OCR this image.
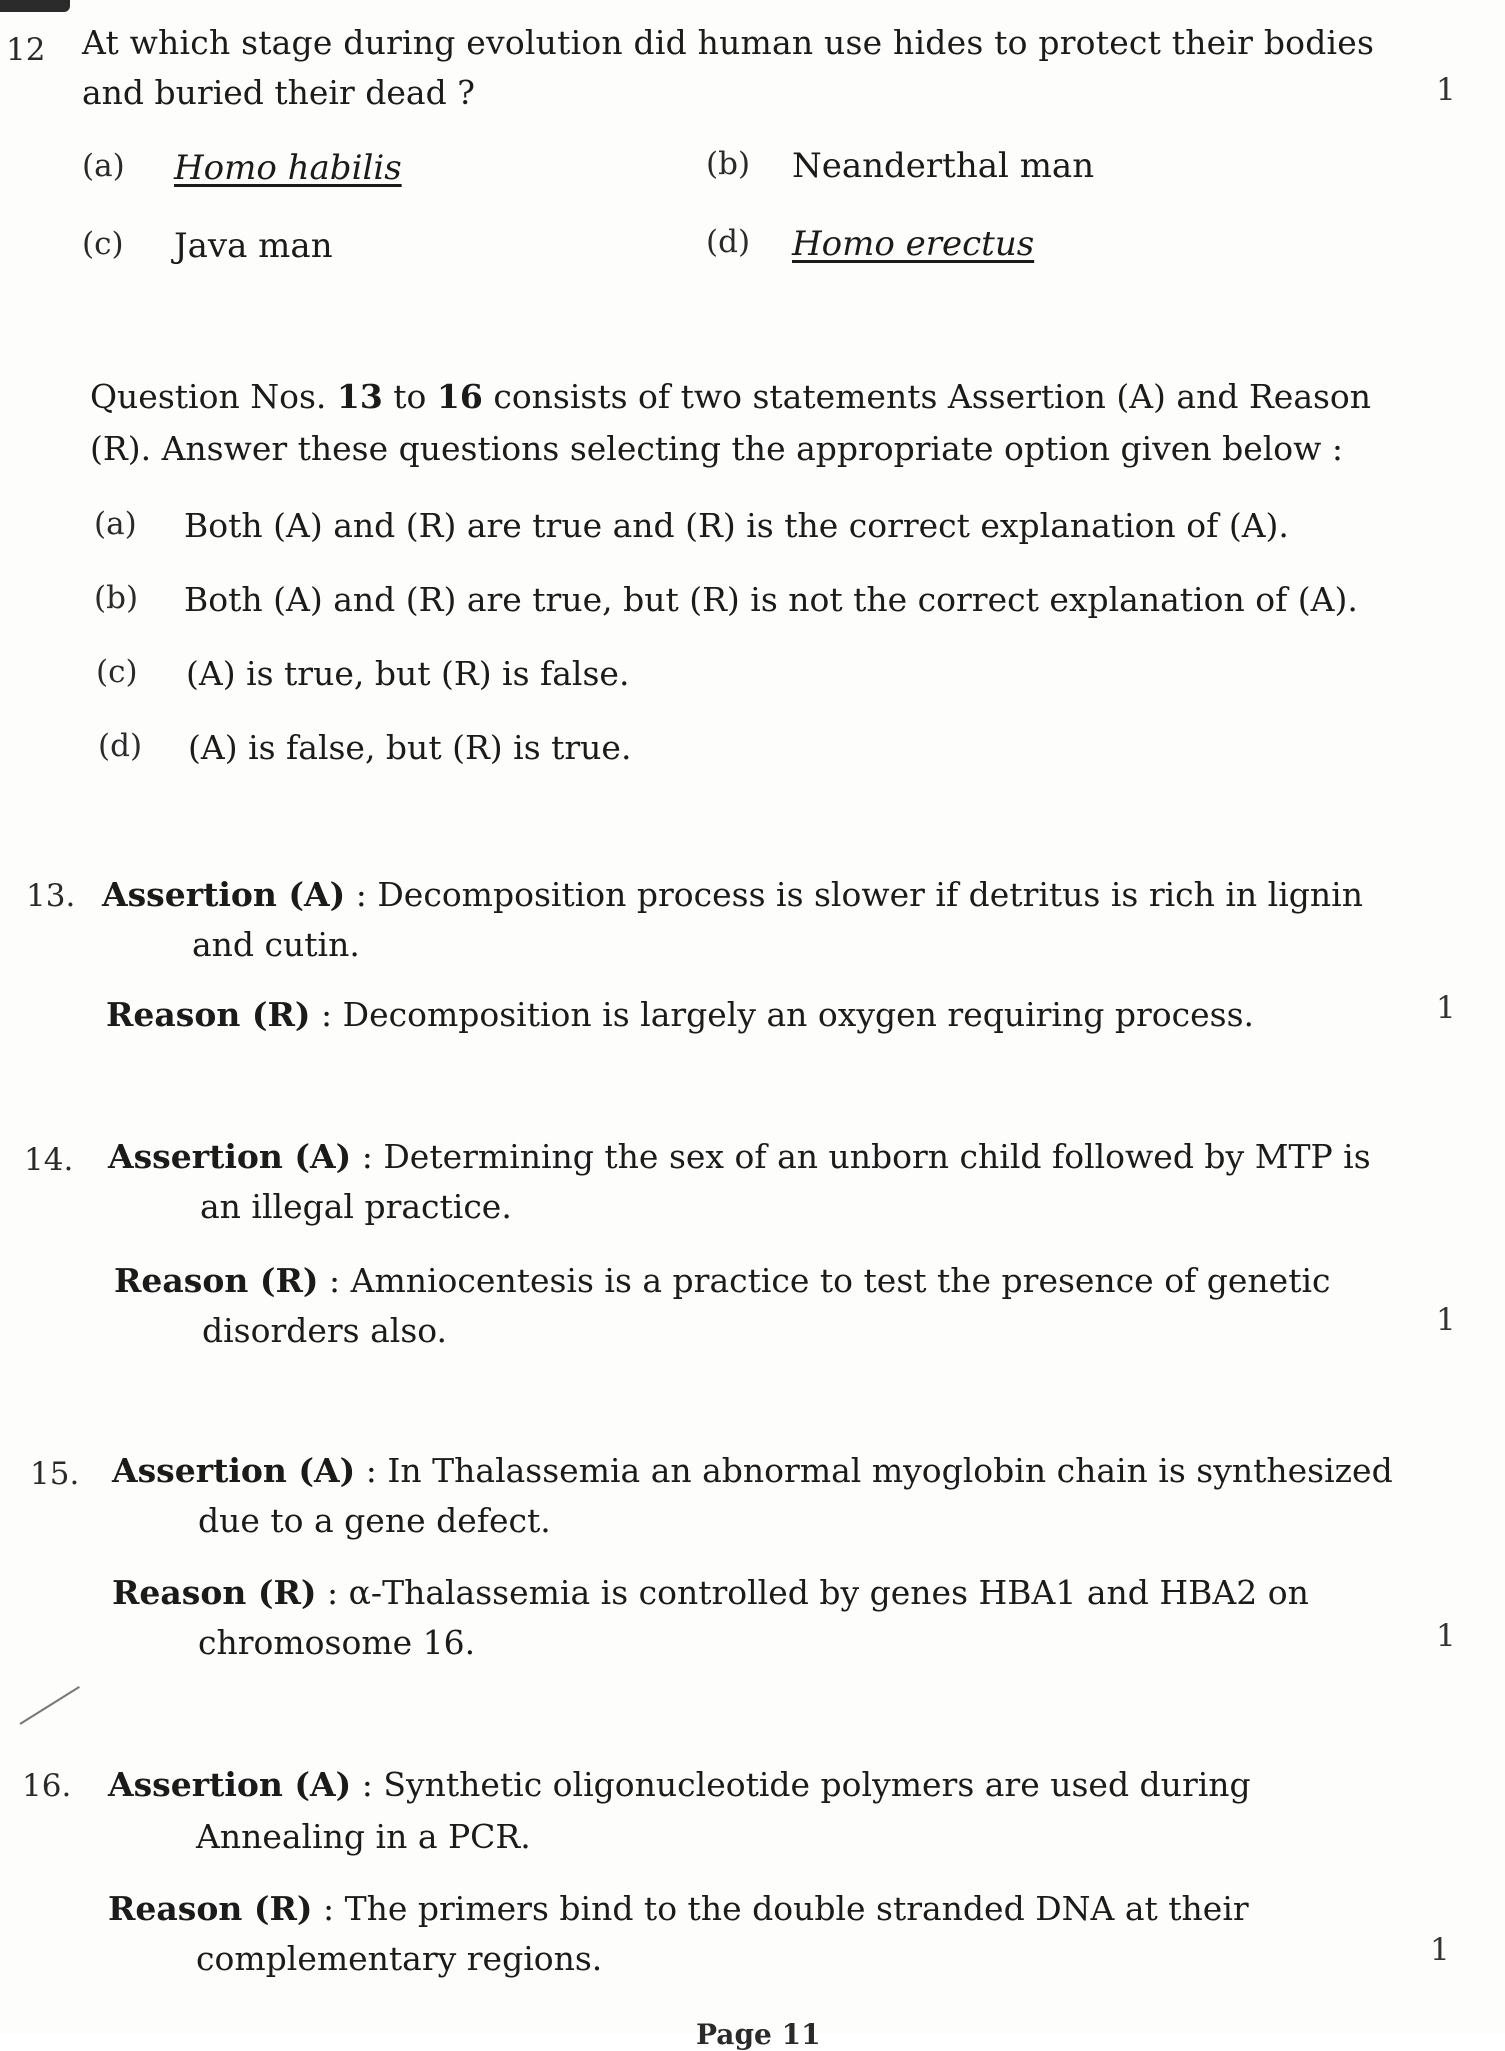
12 At which stage during evolution did human use hides to protect their bodies
and buried their dead ?	1
(a) Homo habilis	(b) Neanderthal man
(c) Java man	(d) Homo erectus
Question Nos. 13 to 16 consists of two statements Assertion (A) and Reason
(R). Answer these questions selecting the appropriate option given below :
(a) Both (A) and (R) are true and (R) is the correct explanation of (A).
(b) Both (A) and (R) are true, but (R) is not the correct explanation of (A).
(c) (A) is true, but (R) is false.
(d) (A) is false, but (R) is true.
13. Assertion (A) : Decomposition process is slower if detritus is rich in lignin
and cutin.
Reason (R) : Decomposition is largely an oxygen requiring process.	1
14. Assertion (A) : Determining the sex of an unborn child followed by MTP is
an illegal practice.
Reason (R) : Amniocentesis is a practice to test the presence of genetic
disorders also.	1
15. Assertion (A) : In Thalassemia an abnormal myoglobin chain is synthesized
due to a gene defect.
Reason (R) : α-Thalassemia is controlled by genes HBA1 and HBA2 on
chromosome 16.	1
16. Assertion (A) : Synthetic oligonucleotide polymers are used during
Annealing in a PCR.
Reason (R) : The primers bind to the double stranded DNA at their
complementary regions.	1
Page 11
